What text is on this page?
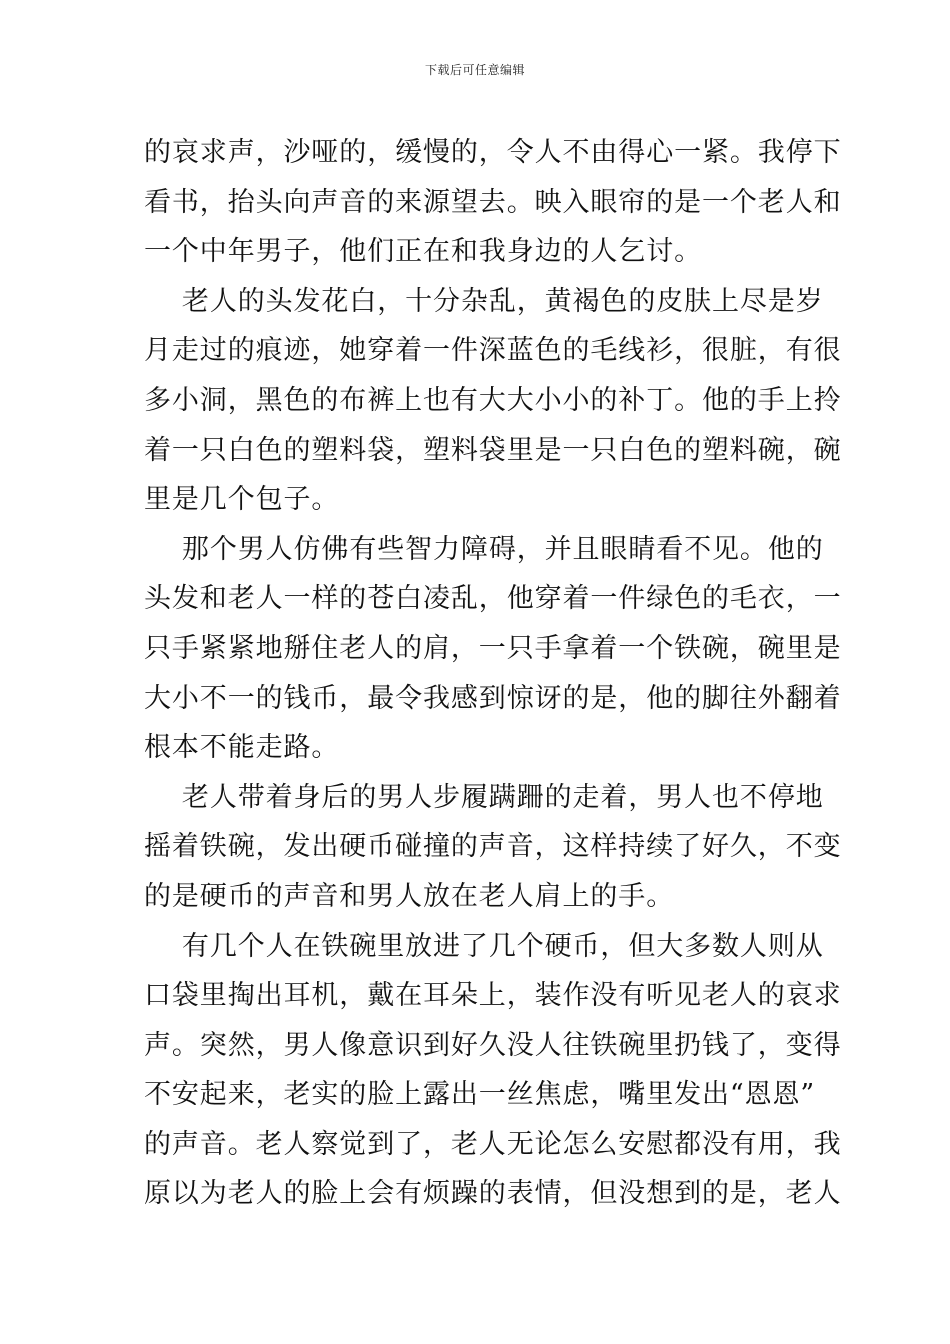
下载后可任意编辑
的哀求声，沙哑的，缓慢的，令人不由得心一紧。我停下
看书，抬头向声音的来源望去。映入眼帘的是一个老人和
一个中年男子，他们正在和我身边的人乞讨。
老人的头发花白，十分杂乱，黄褐色的皮肤上尽是岁
月走过的痕迹，她穿着一件深蓝色的毛线衫，很脏，有很
多小洞，黑色的布裤上也有大大小小的补丁。他的手上拎
着一只白色的塑料袋，塑料袋里是一只白色的塑料碗，碗
里是几个包子。
那个男人仿佛有些智力障碍，并且眼睛看不见。他的
头发和老人一样的苍白凌乱，他穿着一件绿色的毛衣，一
只手紧紧地掰住老人的肩，一只手拿着一个铁碗，碗里是
大小不一的钱币，最令我感到惊讶的是，他的脚往外翻着
根本不能走路。
老人带着身后的男人步履蹒跚的走着，男人也不停地
摇着铁碗，发出硬币碰撞的声音，这样持续了好久，不变
的是硬币的声音和男人放在老人肩上的手。
有几个人在铁碗里放进了几个硬币，但大多数人则从
口袋里掏出耳机，戴在耳朵上，装作没有听见老人的哀求
声。突然，男人像意识到好久没人往铁碗里扔钱了，变得
不安起来，老实的脸上露出一丝焦虑，嘴里发出“恩恩”
的声音。老人察觉到了，老人无论怎么安慰都没有用，我
原以为老人的脸上会有烦躁的表情，但没想到的是，老人
